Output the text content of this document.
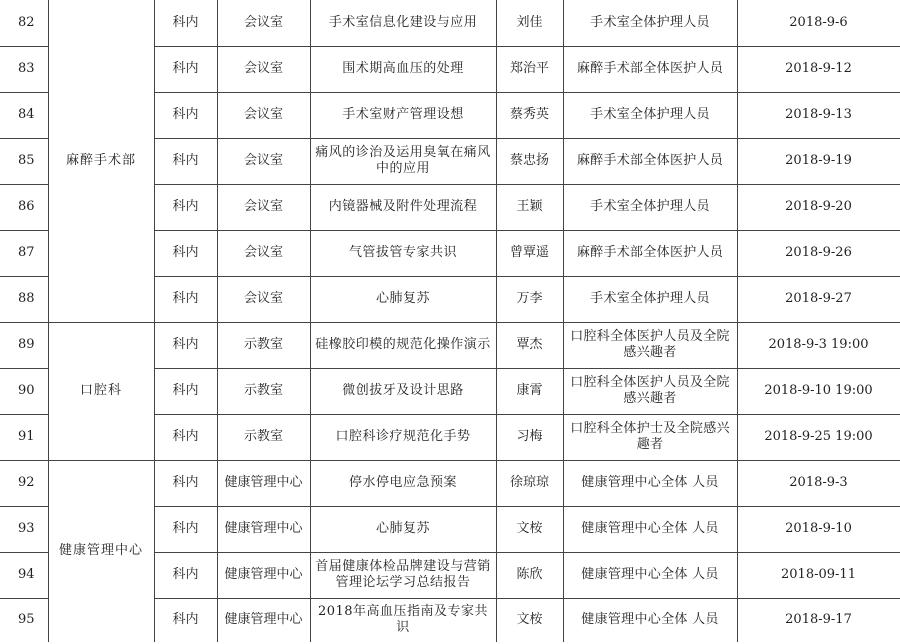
82	麻醉手术部	科内	会议室	手术室信息化建设与应用	刘佳	手术室全体护理人员	2018-9-6
83		科内	会议室	围术期高血压的处理	郑治平	麻醉手术部全体医护人员	2018-9-12
84		科内	会议室	手术室财产管理设想	蔡秀英	手术室全体护理人员	2018-9-13
85		科内	会议室	痛风的诊治及运用臭氧在痛风中的应用	蔡忠扬	麻醉手术部全体医护人员	2018-9-19
86		科内	会议室	内镜器械及附件处理流程	王颖	手术室全体护理人员	2018-9-20
87		科内	会议室	气管拔管专家共识	曾覃遥	麻醉手术部全体医护人员	2018-9-26
88		科内	会议室	心肺复苏	万李	手术室全体护理人员	2018-9-27
89	口腔科	科内	示教室	硅橡胶印模的规范化操作演示	覃杰	口腔科全体医护人员及全院感兴趣者	2018-9-3 19:00
90		科内	示教室	微创拔牙及设计思路	康霄	口腔科全体医护人员及全院感兴趣者	2018-9-10 19:00
91		科内	示教室	口腔科诊疗规范化手势	习梅	口腔科全体护士及全院感兴趣者	2018-9-25 19:00
92	健康管理中心	科内	健康管理中心	停水停电应急预案	徐琼琼	健康管理中心全体 人员	2018-9-3
93		科内	健康管理中心	心肺复苏	文桉	健康管理中心全体 人员	2018-9-10
94		科内	健康管理中心	首届健康体检品牌建设与营销管理论坛学习总结报告	陈欣	健康管理中心全体 人员	2018-09-11
95		科内	健康管理中心	2018年高血压指南及专家共识	文桉	健康管理中心全体 人员	2018-9-17
